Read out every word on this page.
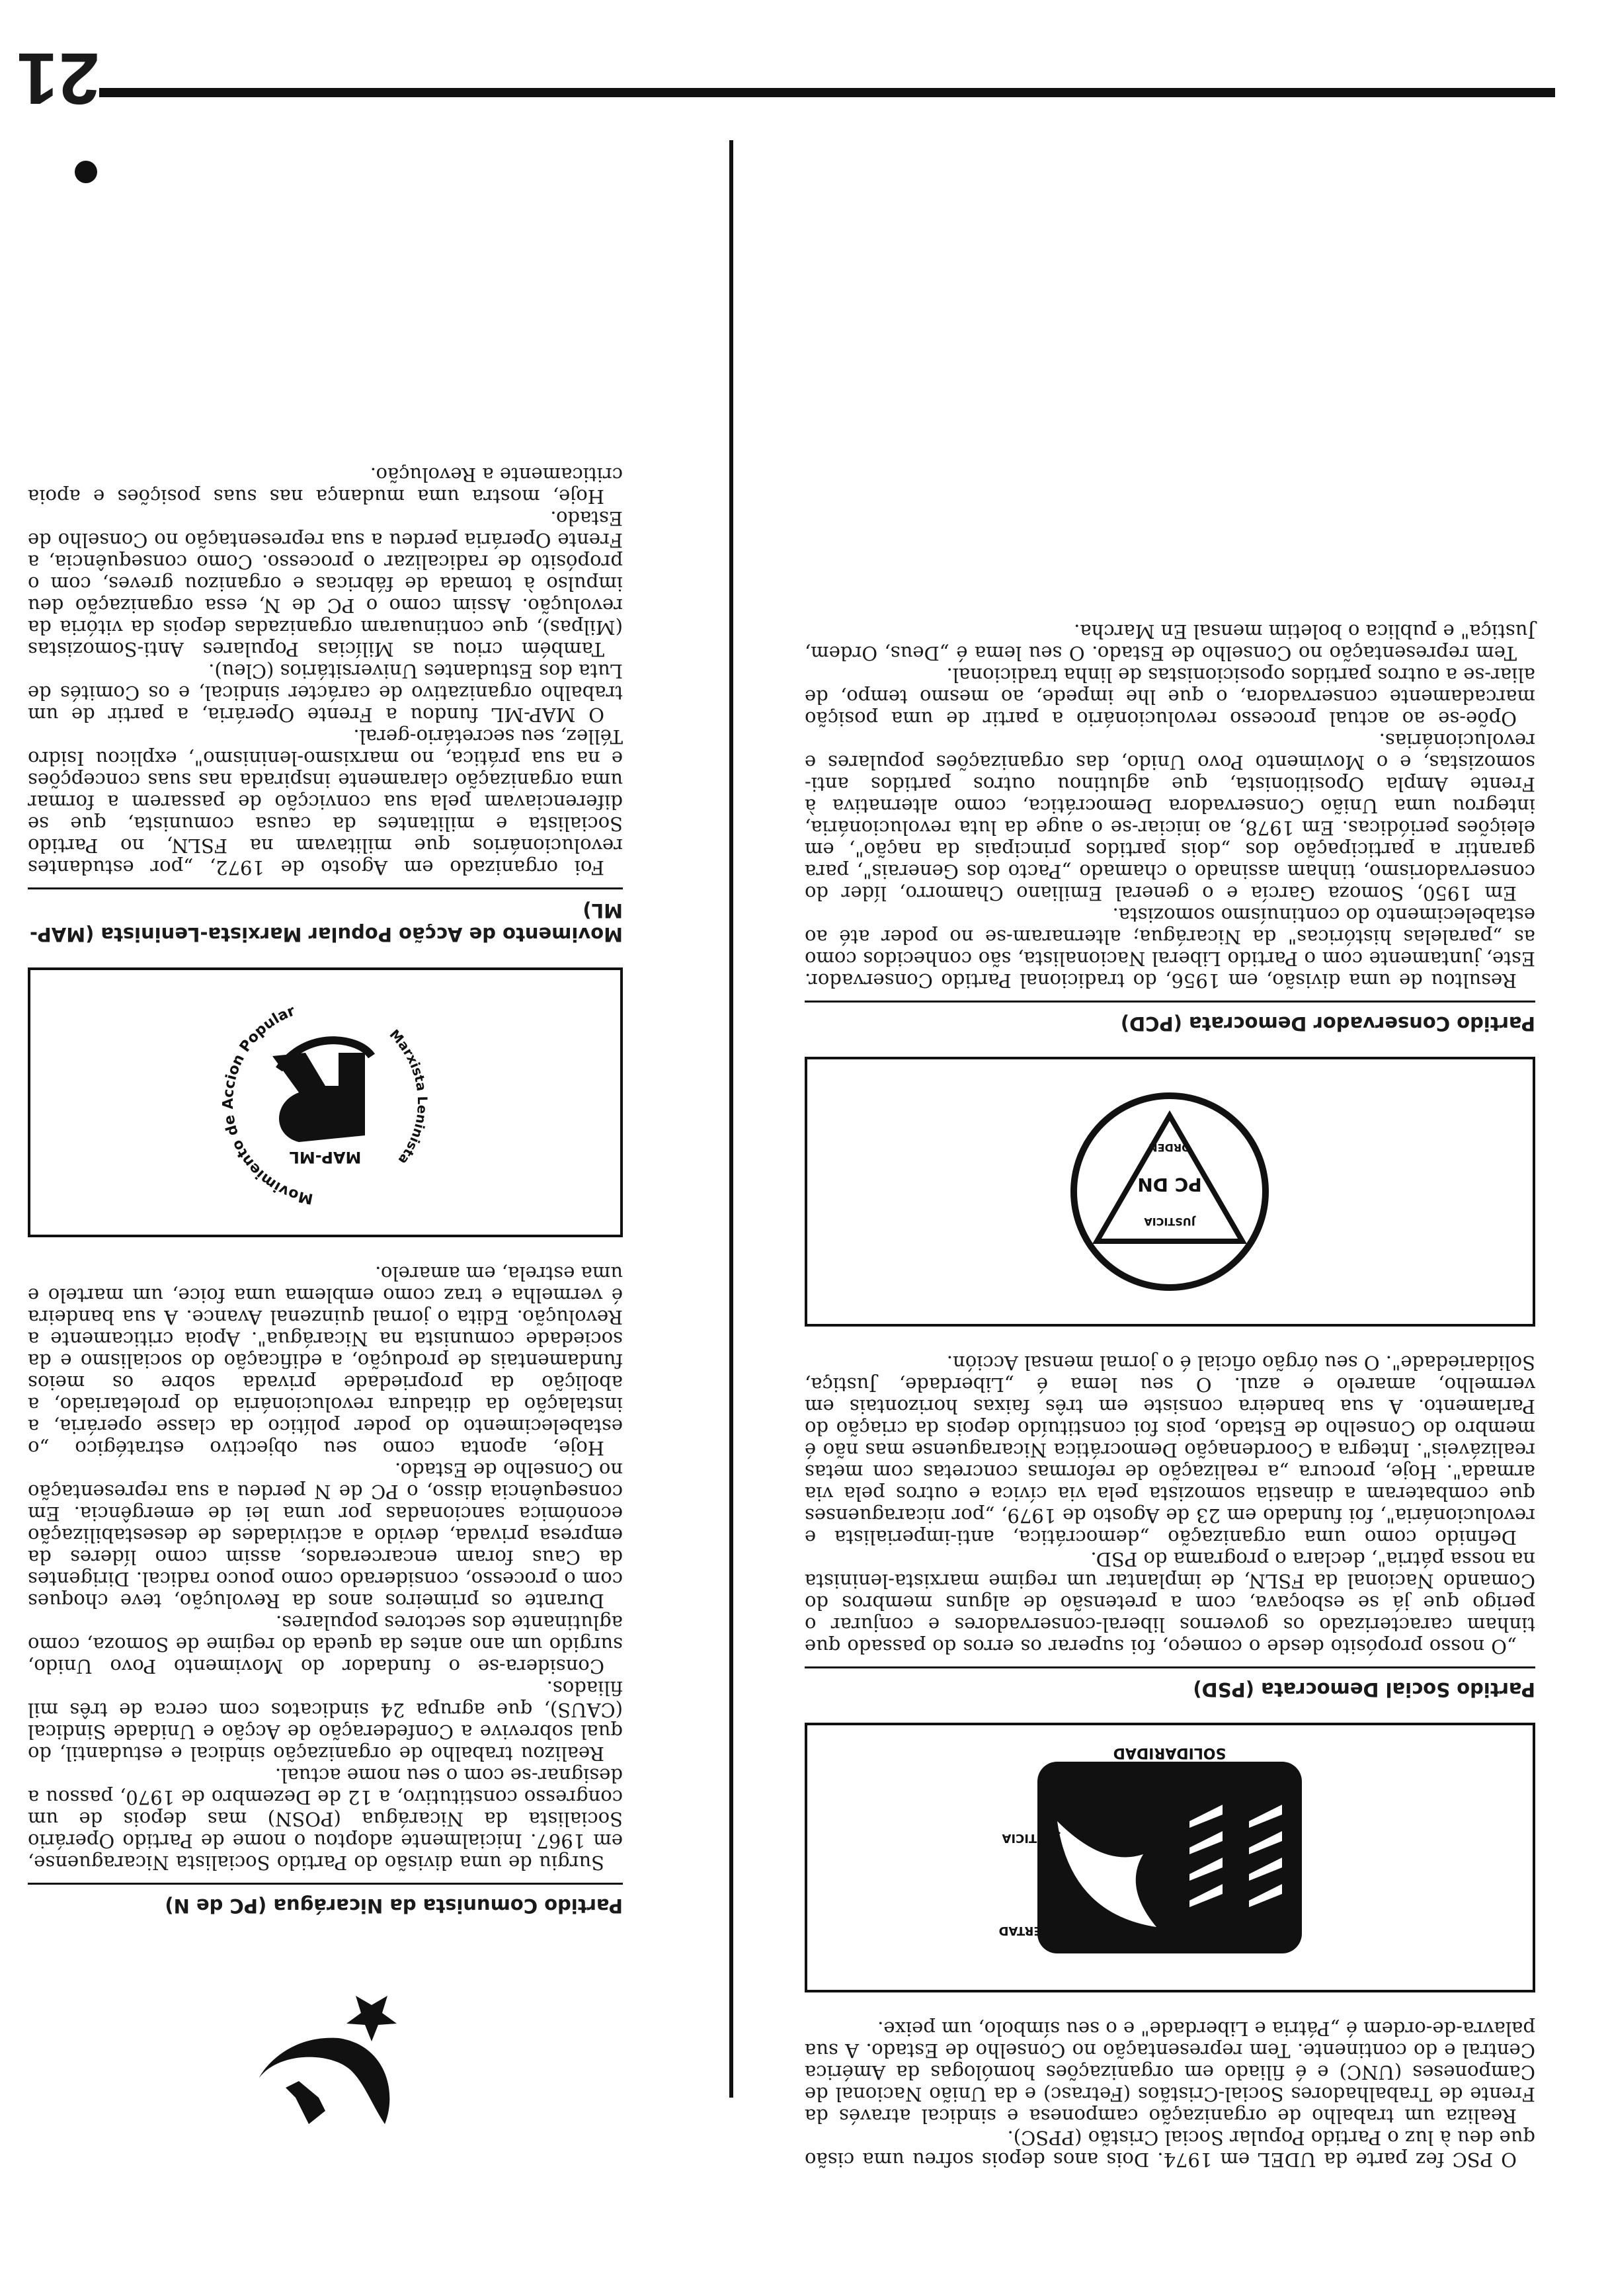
O PSC fez parte da UDEL em 1974. Dois anos depois sofreu uma cisão que deu à luz o Partido Popular Social Cristão (PPSC).

Realiza um trabalho de organização camponesa e sindical através da Frente de Trabalhadores Social-Cristãos (Fetrasc) e da União Nacional de Camponeses (UNC) e é filiado em organizações homólogas da América Central e do continente. Tem representação no Conselho de Estado. A sua palavra-de-ordem é „Pátria e Liberdade" e o seu símbolo, um peixe.

SOLIDARIDAD
LIBERTAD
JUSTICIA
Partido Social Democrata (PSD)

„O nosso propósito desde o começo, foi superar os erros do passado que tinham caracterizado os governos liberal-conservadores e conjurar o perigo que já se esboçava, com a pretensão de alguns membros do Comando Nacional da FSLN, de implantar um regime marxista-leninista na nossa pátria", declara o programa do PSD.

Definido como uma organização „democrática, anti-imperialista e revolucionária", foi fundado em 23 de Agosto de 1979, „por nicaraguenses que combateram a dinastia somozista pela via cívica e outros pela via armada". Hoje, procura „a realização de reformas concretas com metas realizáveis". Integra a Coordenação Democrática Nicaraguense mas não é membro do Conselho de Estado, pois foi constituído depois da criação do Parlamento. A sua bandeira consiste em três faixas horizontais em vermelho, amarelo e azul. O seu lema é „Liberdade, Justiça, Solidariedade". O seu órgão oficial é o jornal mensal Acción.

PC DN
JUSTICIA
ORDEN
Partido Conservador Democrata (PCD)

Resultou de uma divisão, em 1956, do tradicional Partido Conservador. Este, juntamente com o Partido Liberal Nacionalista, são conhecidos como as „paralelas históricas" da Nicarágua; alternaram-se no poder até ao estabelecimento do continuísmo somozista.

Em 1950, Somoza García e o general Emiliano Chamorro, líder do conservadorismo, tinham assinado o chamado „Pacto dos Generais", para garantir a participação dos „dois partidos principais da nação", em eleições periódicas. Em 1978, ao iniciar-se o auge da luta revolucionária, integrou uma União Conservadora Democrática, como alternativa à Frente Ampla Opositionista, que aglutinou outros partidos anti-somozistas, e o Movimento Povo Unido, das organizações populares e revolucionárias.

Opõe-se ao actual processo revolucionário a partir de uma posição marcadamente conservadora, o que lhe impede, ao mesmo tempo, de aliar-se a outros partidos oposicionistas de linha tradicional.

Tem representação no Conselho de Estado. O seu lema é „Deus, Ordem, Justiça" e publica o boletim mensal En Marcha.

Partido Comunista da Nicarágua (PC de N)

Surgiu de uma divisão do Partido Socialista Nicaraguense, em 1967. Inicialmente adoptou o nome de Partido Operário Socialista da Nicarágua (POSN) mas depois de um congresso constitutivo, a 12 de Dezembro de 1970, passou a designar-se com o seu nome actual.

Realizou trabalho de organização sindical e estudantil, do qual sobrevive a Confederação de Acção e Unidade Sindical (CAUS), que agrupa 24 sindicatos com cerca de três mil filiados.

Considera-se o fundador do Movimento Povo Unido, surgido um ano antes da queda do regime de Somoza, como aglutinante dos sectores populares.

Durante os primeiros anos da Revolução, teve choques com o processo, considerado como pouco radical. Dirigentes da Caus foram encarcerados, assim como líderes da empresa privada, devido a actividades de desestabilização económica sancionadas por uma lei de emergência. Em consequência disso, o PC de N perdeu a sua representação no Conselho de Estado.

Hoje, aponta como seu objectivo estratégico „o estabelecimento do poder político da classe operária, a instalação da ditadura revolucionária do proletariado, a abolição da propriedade privada sobre os meios fundamentais de produção, a edificação do socialismo e da sociedade comunista na Nicarágua". Apoia criticamente a Revolução. Edita o jornal quinzenal Avance. A sua bandeira é vermelha e traz como emblema uma foice, um martelo e uma estrela, em amarelo.

Movimiento de Accion Popular
Marxista Leninista
MAP-ML
Movimento de Acção Popular Marxista-Leninista (MAP-ML)

Foi organizado em Agosto de 1972, „por estudantes revolucionários que militavam na FSLN, no Partido Socialista e militantes da causa comunista, que se diferenciavam pela sua convicção de passarem a formar uma organização claramente inspirada nas suas concepções e na sua prática, no marxismo-leninismo", explicou Isidro Téllez, seu secretário-geral.

O MAP-ML fundou a Frente Operária, a partir de um trabalho organizativo de carácter sindical, e os Comités de Luta dos Estudantes Universitários (Cleu).

Também criou as Milícias Populares Anti-Somozistas (Milpas), que continuaram organizadas depois da vitória da revolução. Assim como o PC de N, essa organização deu impulso à tomada de fábricas e organizou greves, com o propósito de radicalizar o processo. Como consequência, a Frente Operária perdeu a sua representação no Conselho de Estado.

Hoje, mostra uma mudança nas suas posições e apoia criticamente a Revolução.

21
